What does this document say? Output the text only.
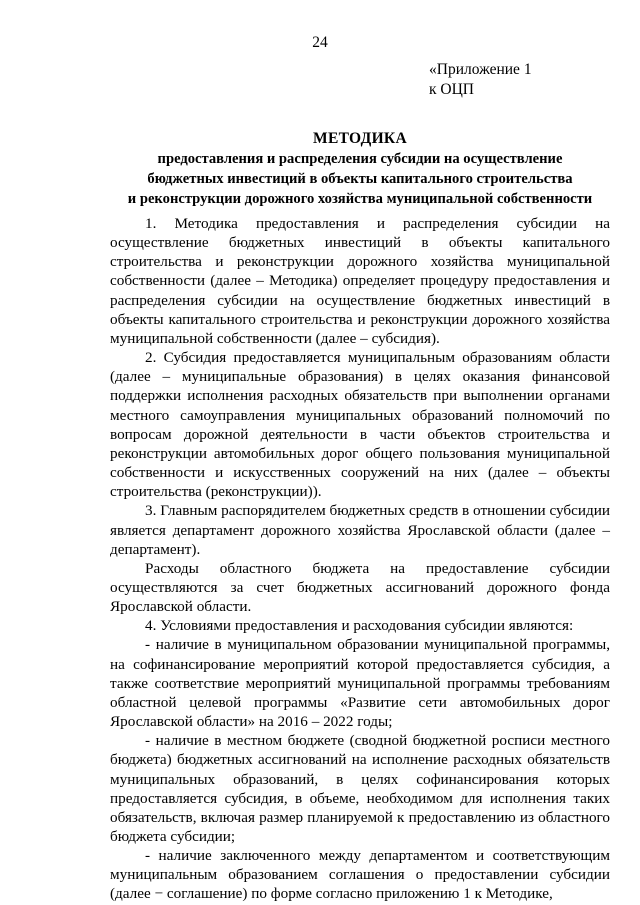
24
«Приложение 1
к ОЦП
МЕТОДИКА
предоставления и распределения субсидии на осуществление
бюджетных инвестиций в объекты капитального строительства
и реконструкции дорожного хозяйства муниципальной собственности

1. Методика предоставления и распределения субсидии на осуществление бюджетных инвестиций в объекты капитального строительства и реконструкции дорожного хозяйства муниципальной собственности (далее – Методика) определяет процедуру предоставления и распределения субсидии на осуществление бюджетных инвестиций в объекты капитального строительства и реконструкции дорожного хозяйства муниципальной собственности (далее – субсидия).

2. Субсидия предоставляется муниципальным образованиям области (далее – муниципальные образования) в целях оказания финансовой поддержки исполнения расходных обязательств при выполнении органами местного самоуправления муниципальных образований полномочий по вопросам дорожной деятельности в части объектов строительства и реконструкции автомобильных дорог общего пользования муниципальной собственности и искусственных сооружений на них (далее – объекты строительства (реконструкции)).

3. Главным распорядителем бюджетных средств в отношении субсидии является департамент дорожного хозяйства Ярославской области (далее – департамент).

Расходы областного бюджета на предоставление субсидии осуществляются за счет бюджетных ассигнований дорожного фонда Ярославской области.

4. Условиями предоставления и расходования субсидии являются:

- наличие в муниципальном образовании муниципальной программы, на софинансирование мероприятий которой предоставляется субсидия, а также соответствие мероприятий муниципальной программы требованиям областной целевой программы «Развитие сети автомобильных дорог Ярославской области» на 2016 – 2022 годы;

- наличие в местном бюджете (сводной бюджетной росписи местного бюджета) бюджетных ассигнований на исполнение расходных обязательств муниципальных образований, в целях софинансирования которых предоставляется субсидия, в объеме, необходимом для исполнения таких обязательств, включая размер планируемой к предоставлению из областного бюджета субсидии;

- наличие заключенного между департаментом и соответствующим муниципальным образованием соглашения о предоставлении субсидии (далее − соглашение) по форме согласно приложению 1 к Методике,
